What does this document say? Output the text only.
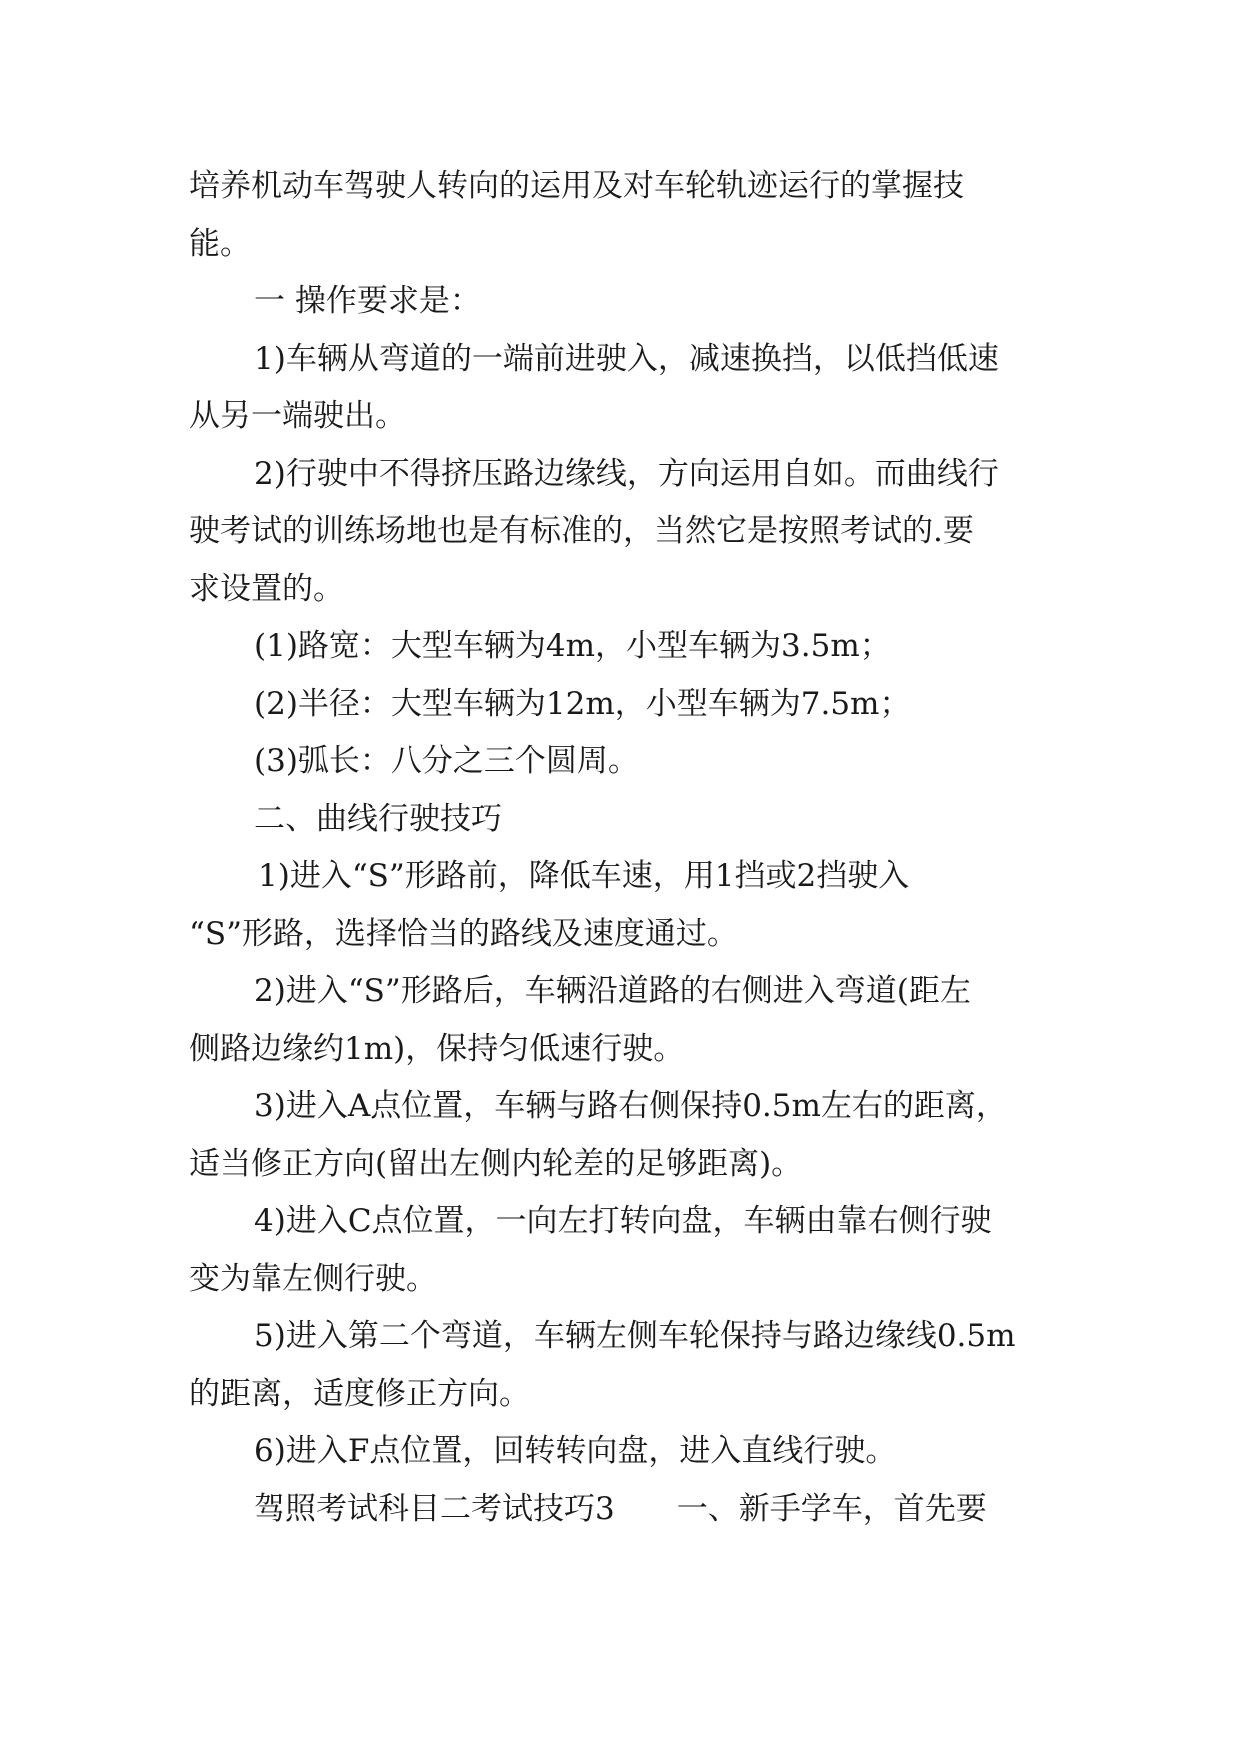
培养机动车驾驶人转向的运用及对车轮轨迹运行的掌握技
能。
一 操作要求是：
1)车辆从弯道的一端前进驶入，减速换挡，以低挡低速
从另一端驶出。
2)行驶中不得挤压路边缘线，方向运用自如。而曲线行
驶考试的训练场地也是有标准的，当然它是按照考试的.要
求设置的。
(1)路宽：大型车辆为4m，小型车辆为3.5m；
(2)半径：大型车辆为12m，小型车辆为7.5m；
(3)弧长：八分之三个圆周。
二、曲线行驶技巧
1)进入“S”形路前，降低车速，用1挡或2挡驶入
“S”形路，选择恰当的路线及速度通过。
2)进入“S”形路后，车辆沿道路的右侧进入弯道(距左
侧路边缘约1m)，保持匀低速行驶。
3)进入A点位置，车辆与路右侧保持0.5m左右的距离，
适当修正方向(留出左侧内轮差的足够距离)。
4)进入C点位置，一向左打转向盘，车辆由靠右侧行驶
变为靠左侧行驶。
5)进入第二个弯道，车辆左侧车轮保持与路边缘线0.5m
的距离，适度修正方向。
6)进入F点位置，回转转向盘，进入直线行驶。
驾照考试科目二考试技巧3　　一、新手学车，首先要
